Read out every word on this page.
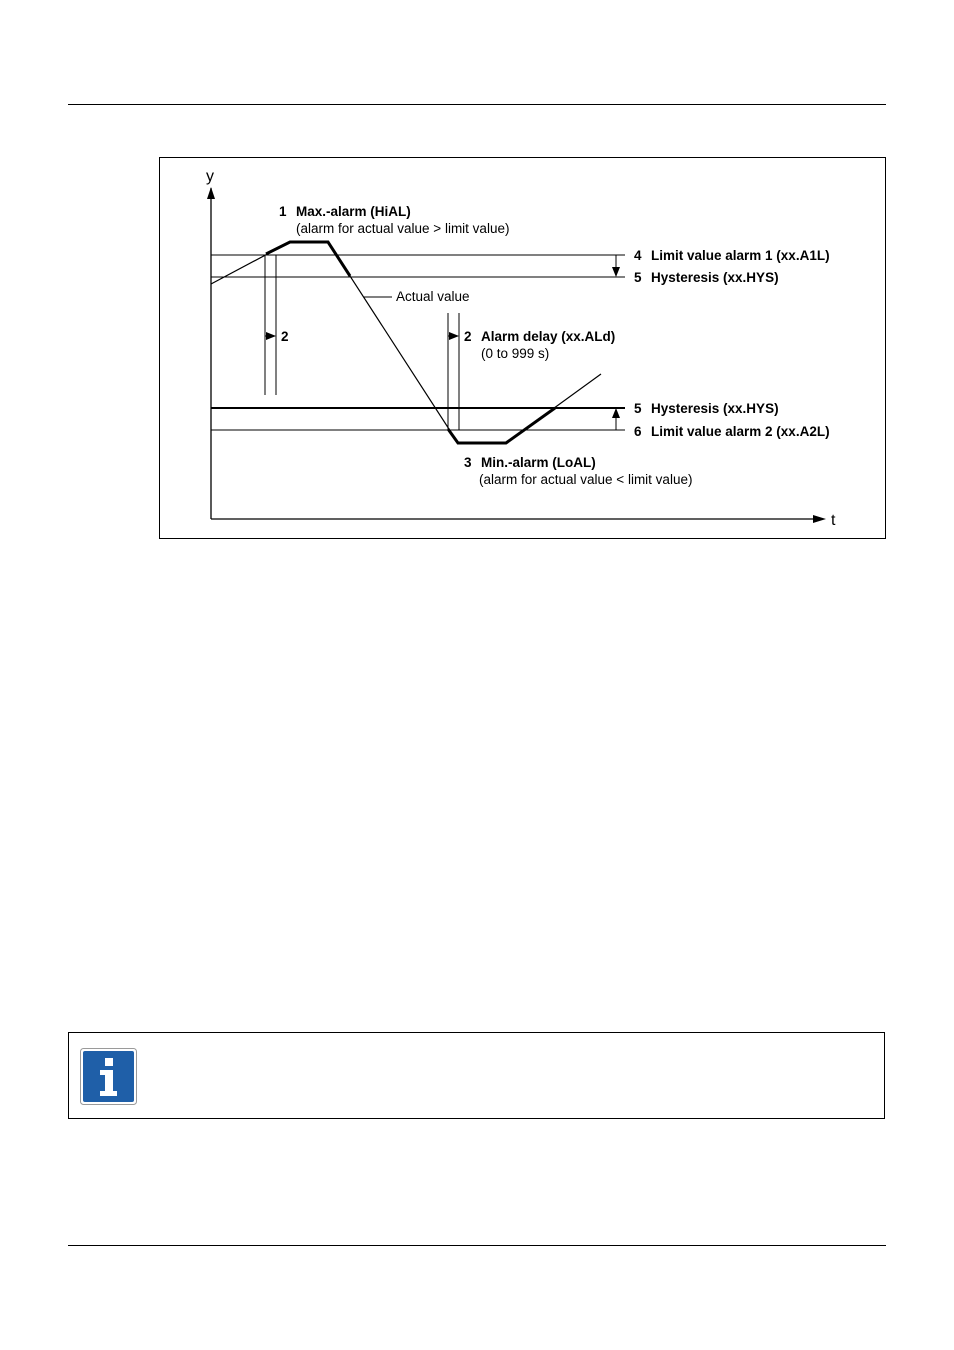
y
t
2
Actual value
1 Max.-alarm (HiAL)
(alarm for actual value > limit value)
2 Alarm delay (xx.ALd)
(0 to 999 s)
3 Min.-alarm (LoAL)
(alarm for actual value < limit value)
4 Limit value alarm 1 (xx.A1L)
5 Hysteresis (xx.HYS)
5 Hysteresis (xx.HYS)
6 Limit value alarm 2 (xx.A2L)
